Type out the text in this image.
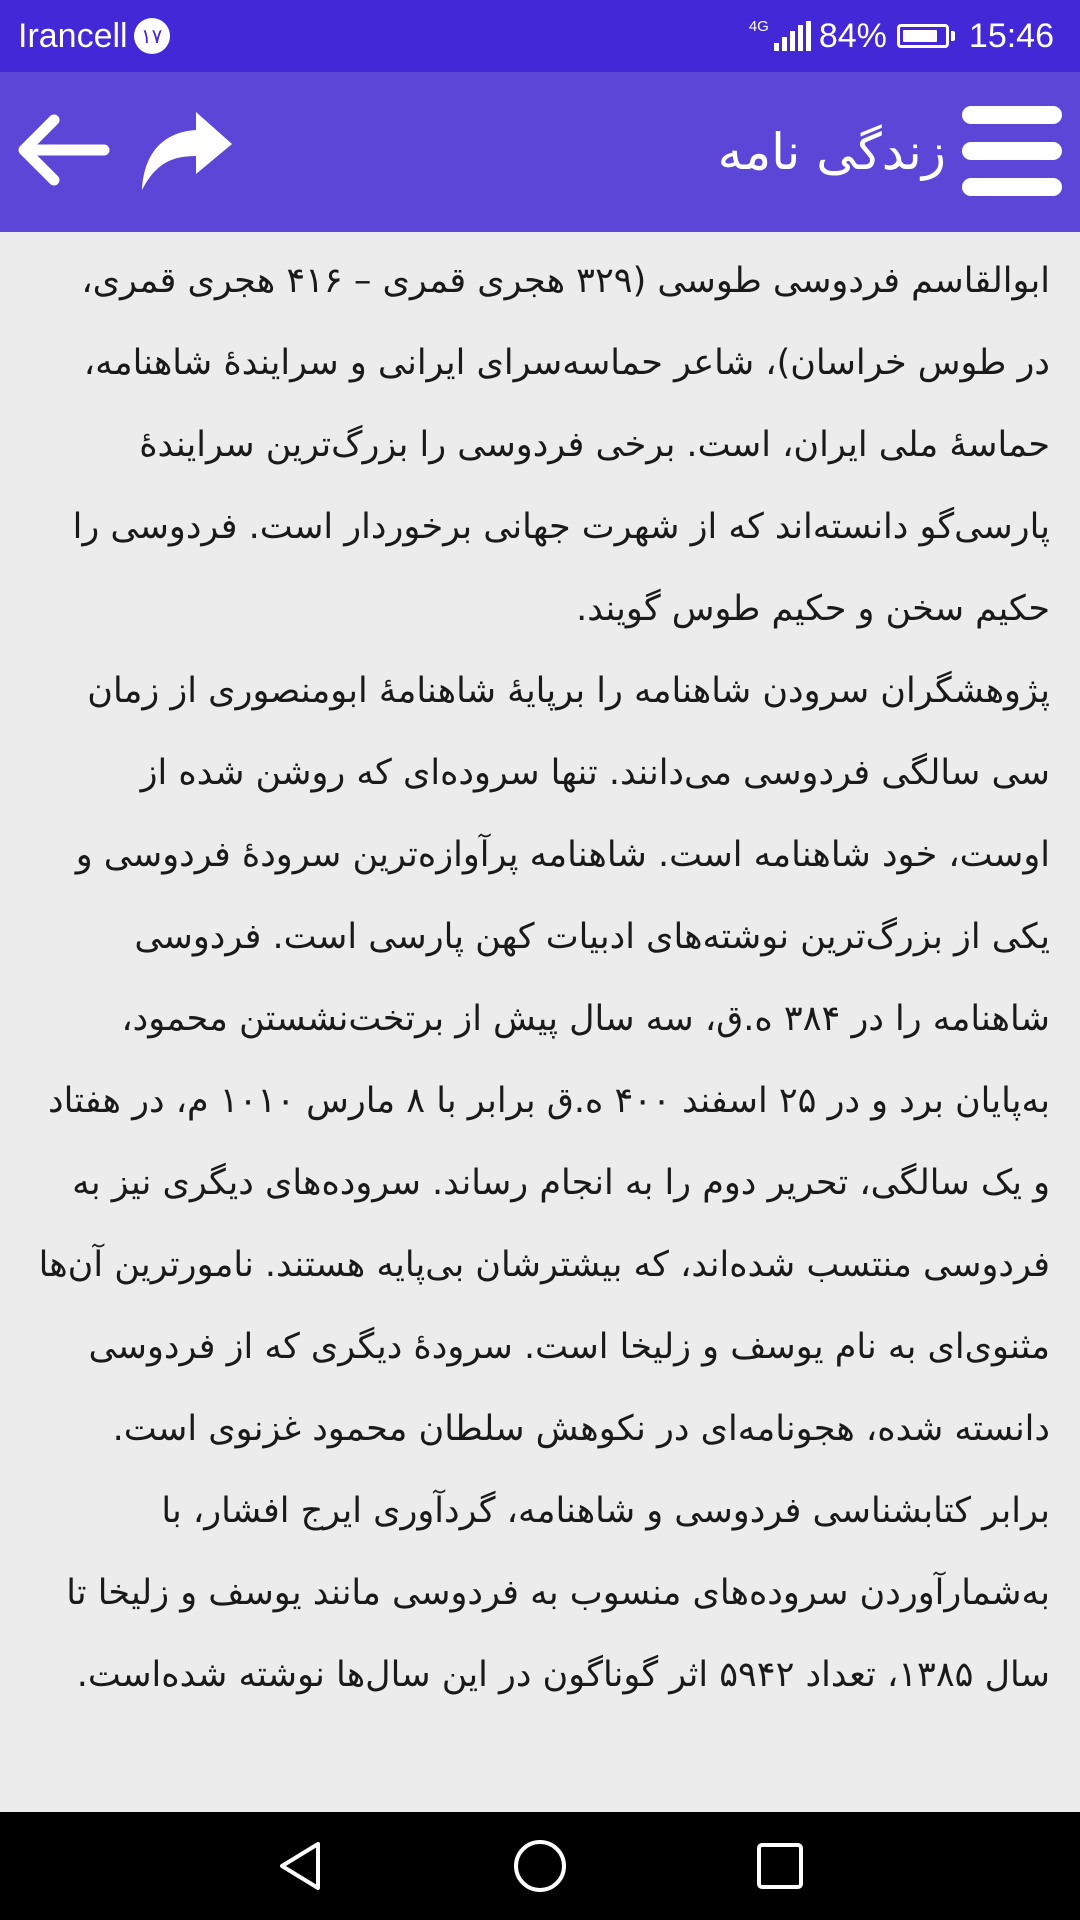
Irancell ۱۷	4G 84% 15:46
زندگی نامه

ابوالقاسم فردوسی طوسی (۳۲۹ هجری قمری – ۴۱۶ هجری قمری، در طوس خراسان)، شاعر حماسه‌سرای ایرانی و سرایندهٔ شاهنامه، حماسهٔ ملی ایران، است. برخی فردوسی را بزرگ‌ترین سرایندهٔ پارسی‌گو دانسته‌اند که از شهرت جهانی برخوردار است. فردوسی را حکیم سخن و حکیم طوس گویند.

پژوهشگران سرودن شاهنامه را برپایهٔ شاهنامهٔ ابومنصوری از زمان سی سالگی فردوسی می‌دانند. تنها سروده‌ای که روشن شده از اوست، خود شاهنامه است. شاهنامه پرآوازه‌ترین سرودهٔ فردوسی و یکی از بزرگ‌ترین نوشته‌های ادبیات کهن پارسی است. فردوسی شاهنامه را در ۳۸۴ ه.ق، سه سال پیش از برتخت‌نشستن محمود، به‌پایان برد و در ۲۵ اسفند ۴۰۰ ه.ق برابر با ۸ مارس ۱۰۱۰ م، در هفتاد و یک سالگی، تحریر دوم را به انجام رساند. سروده‌های دیگری نیز به فردوسی منتسب شده‌اند، که بیشترشان بی‌پایه هستند. نامورترین آن‌ها مثنوی‌ای به نام یوسف و زلیخا است. سرودهٔ دیگری که از فردوسی دانسته شده، هجونامه‌ای در نکوهش سلطان محمود غزنوی است. برابر کتابشناسی فردوسی و شاهنامه، گردآوری ایرج افشار، با به‌شمارآوردن سروده‌های منسوب به فردوسی مانند یوسف و زلیخا تا سال ۱۳۸۵، تعداد ۵۹۴۲ اثر گوناگون در این سال‌ها نوشته شده‌است.
